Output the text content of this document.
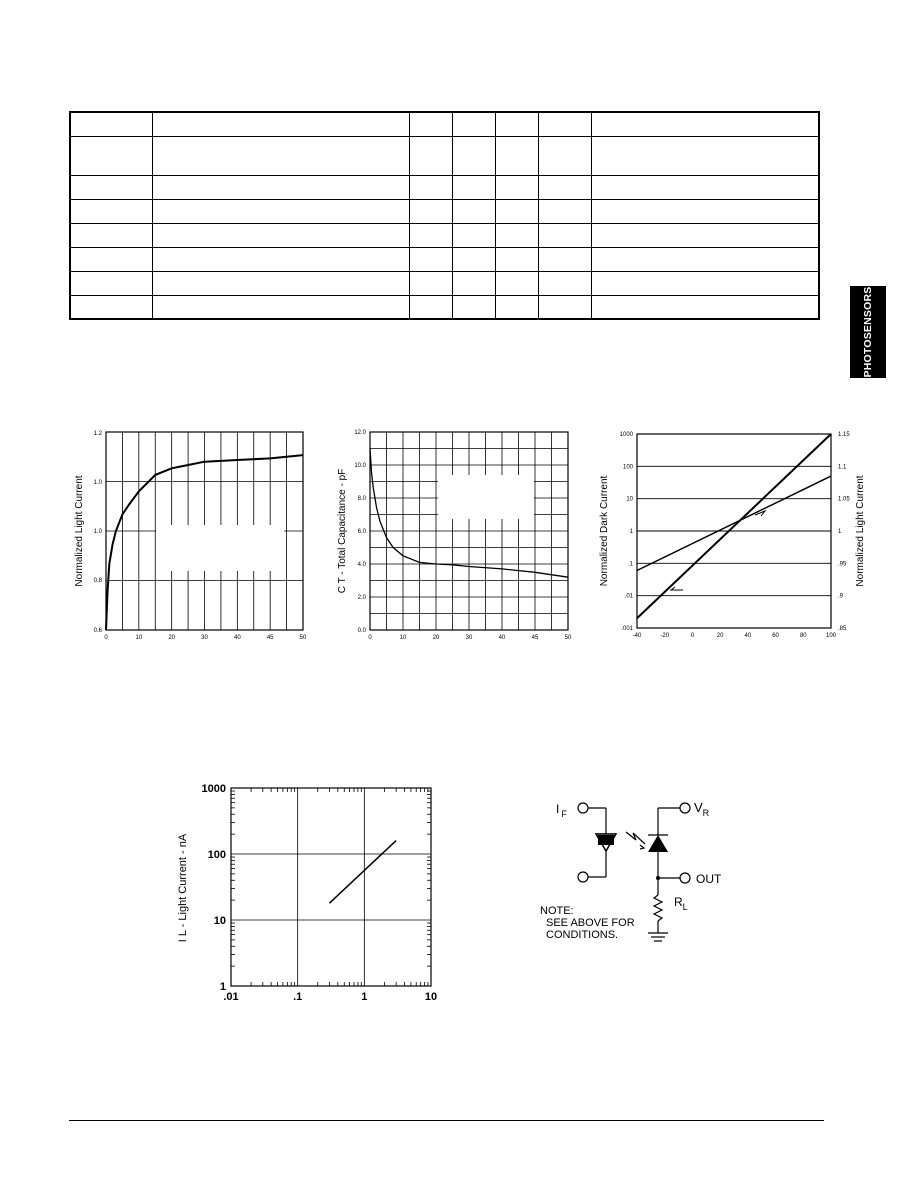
PHOTOSENSORS
1.2
1.0
1.0
0.8
0.6
0	10	20	30	40	45	50
Normalized Light Current
12.0
10.0
8.0
6.0
4.0
2.0
0.0
0	10	20	30	40	45	50
C T - Total Capacitance - pF
1000
100
10
1
.1
.01
.001
1.15
1.1
1.05
1
.95
.9
.85
-40	-20	0	20	40	60	80	100
Normalized Dark Current	Normalized Light Current
1000
100
10
1
.01	.1	1	10
I L - Light Current - nA
I $_F$	$V_R$
OUT
$R_L$
NOTE:
SEE ABOVE FOR
CONDITIONS.
